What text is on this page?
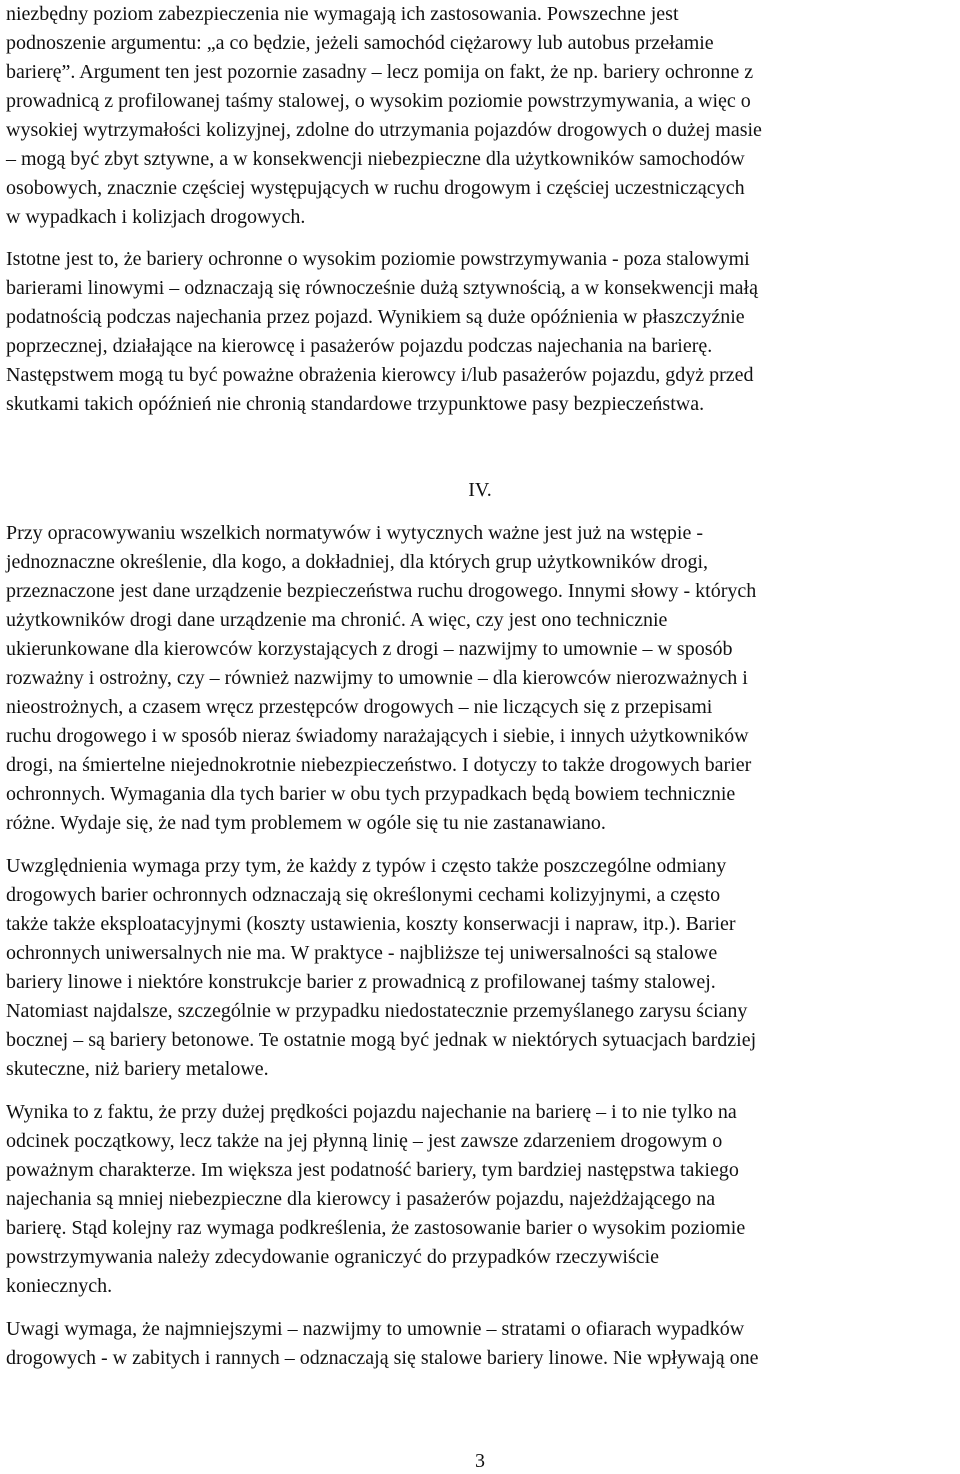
niezbędny poziom zabezpieczenia nie wymagają ich zastosowania. Powszechne jest
podnoszenie argumentu: „a co będzie, jeżeli samochód ciężarowy lub autobus przełamie
barierę”. Argument ten jest pozornie zasadny – lecz pomija on fakt, że np. bariery ochronne z
prowadnicą z profilowanej taśmy stalowej, o wysokim poziomie powstrzymywania, a więc o
wysokiej wytrzymałości kolizyjnej, zdolne do utrzymania pojazdów drogowych o dużej masie
– mogą być zbyt sztywne, a w konsekwencji niebezpieczne dla użytkowników samochodów
osobowych, znacznie częściej występujących w ruchu drogowym i częściej uczestniczących
w wypadkach i kolizjach drogowych.

Istotne jest to, że bariery ochronne o wysokim poziomie powstrzymywania - poza stalowymi
barierami linowymi – odznaczają się równocześnie dużą sztywnością, a w konsekwencji małą
podatnością podczas najechania przez pojazd. Wynikiem są duże opóźnienia w płaszczyźnie
poprzecznej, działające na kierowcę i pasażerów pojazdu podczas najechania na barierę.
Następstwem mogą tu być poważne obrażenia kierowcy i/lub pasażerów pojazdu, gdyż przed
skutkami takich opóźnień nie chronią standardowe trzypunktowe pasy bezpieczeństwa.

IV.

Przy opracowywaniu wszelkich normatywów i wytycznych ważne jest już na wstępie -
jednoznaczne określenie, dla kogo, a dokładniej, dla których grup użytkowników drogi,
przeznaczone jest dane urządzenie bezpieczeństwa ruchu drogowego. Innymi słowy - których
użytkowników drogi dane urządzenie ma chronić. A więc, czy jest ono technicznie
ukierunkowane dla kierowców korzystających z drogi – nazwijmy to umownie – w sposób
rozważny i ostrożny, czy – również nazwijmy to umownie – dla kierowców nierozważnych i
nieostrożnych, a czasem wręcz przestępców drogowych – nie liczących się z przepisami
ruchu drogowego i w sposób nieraz świadomy narażających i siebie, i innych użytkowników
drogi, na śmiertelne niejednokrotnie niebezpieczeństwo. I dotyczy to także drogowych barier
ochronnych. Wymagania dla tych barier w obu tych przypadkach będą bowiem technicznie
różne. Wydaje się, że nad tym problemem w ogóle się tu nie zastanawiano.

Uwzględnienia wymaga przy tym, że każdy z typów i często także poszczególne odmiany
drogowych barier ochronnych odznaczają się określonymi cechami kolizyjnymi, a często
także także eksploatacyjnymi (koszty ustawienia, koszty konserwacji i napraw, itp.). Barier
ochronnych uniwersalnych nie ma. W praktyce - najbliższe tej uniwersalności są stalowe
bariery linowe i niektóre konstrukcje barier z prowadnicą z profilowanej taśmy stalowej.
Natomiast najdalsze, szczególnie w przypadku niedostatecznie przemyślanego zarysu ściany
bocznej – są bariery betonowe. Te ostatnie mogą być jednak w niektórych sytuacjach bardziej
skuteczne, niż bariery metalowe.

Wynika to z faktu, że przy dużej prędkości pojazdu najechanie na barierę – i to nie tylko na
odcinek początkowy, lecz także na jej płynną linię – jest zawsze zdarzeniem drogowym o
poważnym charakterze. Im większa jest podatność bariery, tym bardziej następstwa takiego
najechania są mniej niebezpieczne dla kierowcy i pasażerów pojazdu, najeżdżającego na
barierę. Stąd kolejny raz wymaga podkreślenia, że zastosowanie barier o wysokim poziomie
powstrzymywania należy zdecydowanie ograniczyć do przypadków rzeczywiście
koniecznych.

Uwagi wymaga, że najmniejszymi – nazwijmy to umownie – stratami o ofiarach wypadków
drogowych - w zabitych i rannych – odznaczają się stalowe bariery linowe. Nie wpływają one

3
